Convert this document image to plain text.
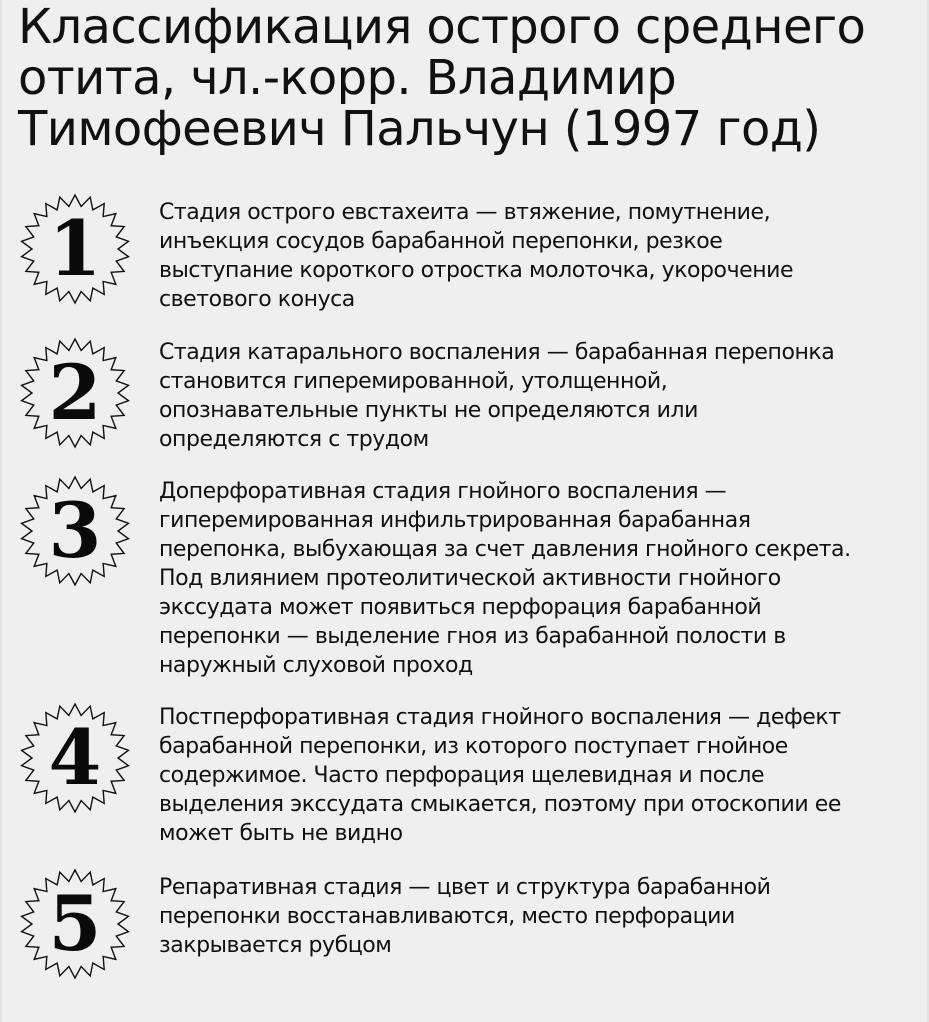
Классификация острого среднего
отита, чл.-корр. Владимир
Тимофеевич Пальчун (1997 год)
1	Стадия острого евстахеита — втяжение, помутнение,
инъекция сосудов барабанной перепонки, резкое
выступание короткого отростка молоточка, укорочение
светового конуса

2	Стадия катарального воспаления — барабанная перепонка
становится гиперемированной, утолщенной,
опознавательные пункты не определяются или
определяются с трудом

3	Доперфоративная стадия гнойного воспаления —
гиперемированная инфильтрированная барабанная
перепонка, выбухающая за счет давления гнойного секрета.
Под влиянием протеолитической активности гнойного
экссудата может появиться перфорация барабанной
перепонки — выделение гноя из барабанной полости в
наружный слуховой проход

4	Постперфоративная стадия гнойного воспаления — дефект
барабанной перепонки, из которого поступает гнойное
содержимое. Часто перфорация щелевидная и после
выделения экссудата смыкается, поэтому при отоскопии ее
может быть не видно

5	Репаративная стадия — цвет и структура барабанной
перепонки восстанавливаются, место перфорации
закрывается рубцом
